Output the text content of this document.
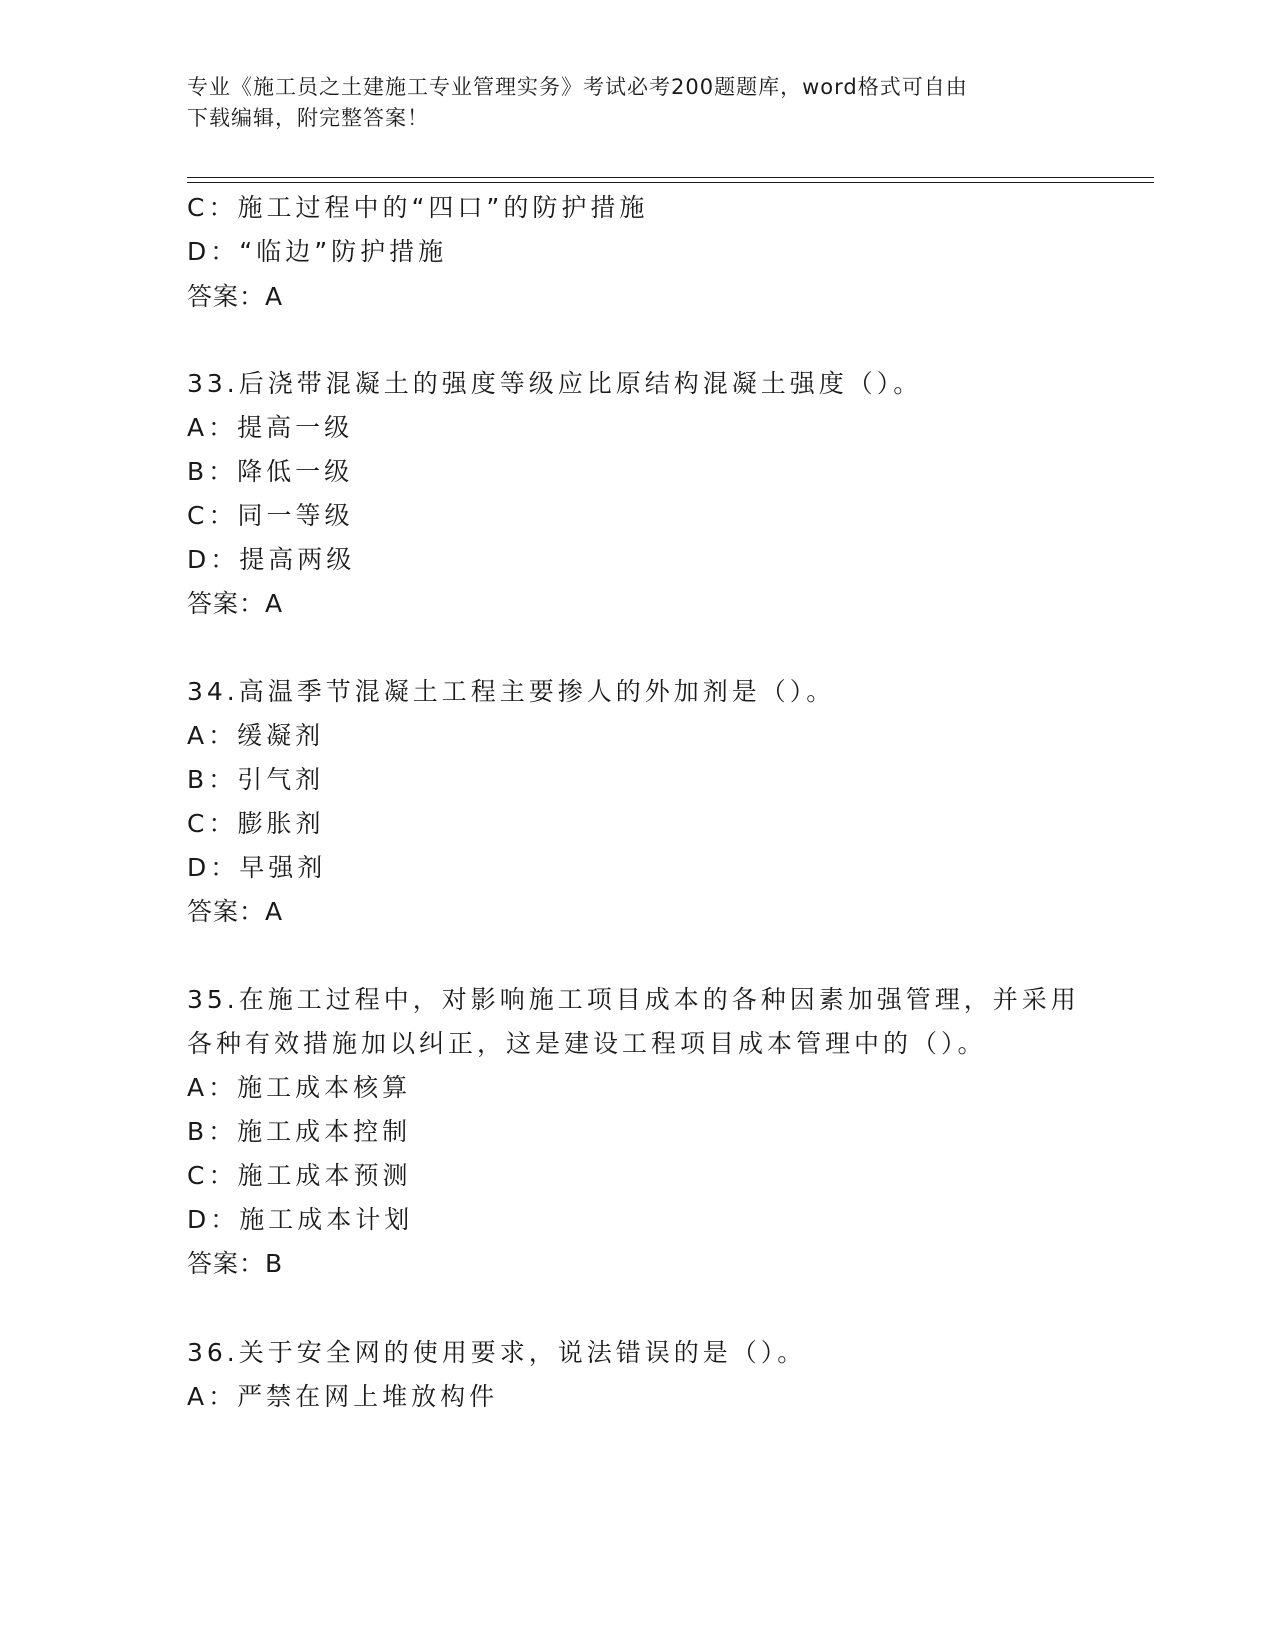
专业《施工员之土建施工专业管理实务》考试必考200题题库，word格式可自由
下载编辑，附完整答案！
C：施工过程中的“四口”的防护措施
D：“临边”防护措施
答案：A
33.后浇带混凝土的强度等级应比原结构混凝土强度（）。
A：提高一级
B：降低一级
C：同一等级
D：提高两级
答案：A
34.高温季节混凝土工程主要掺人的外加剂是（）。
A：缓凝剂
B：引气剂
C：膨胀剂
D：早强剂
答案：A
35.在施工过程中，对影响施工项目成本的各种因素加强管理，并采用
各种有效措施加以纠正，这是建设工程项目成本管理中的（）。
A：施工成本核算
B：施工成本控制
C：施工成本预测
D：施工成本计划
答案：B
36.关于安全网的使用要求，说法错误的是（）。
A：严禁在网上堆放构件
